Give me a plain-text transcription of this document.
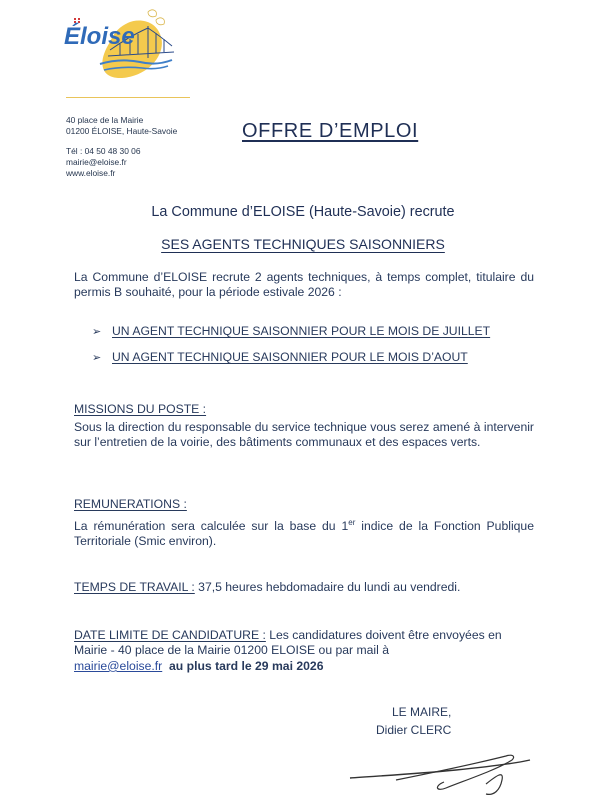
Éloise
40 place de la Mairie
01200 ÉLOISE, Haute-Savoie
Tél : 04 50 48 30 06
mairie@eloise.fr
www.eloise.fr
OFFRE D’EMPLOI
La Commune d’ELOISE (Haute-Savoie) recrute
SES AGENTS TECHNIQUES SAISONNIERS
La Commune d’ELOISE recrute 2 agents techniques, à temps complet, titulaire du permis B souhaité, pour la période estivale 2026 :
➢ UN AGENT TECHNIQUE SAISONNIER POUR LE MOIS DE JUILLET
➢ UN AGENT TECHNIQUE SAISONNIER POUR LE MOIS D’AOUT
MISSIONS DU POSTE :
Sous la direction du responsable du service technique vous serez amené à intervenir sur l’entretien de la voirie, des bâtiments communaux et des espaces verts.
REMUNERATIONS :
La rémunération sera calculée sur la base du 1er indice de la Fonction Publique Territoriale (Smic environ).
TEMPS DE TRAVAIL : 37,5 heures hebdomadaire du lundi au vendredi.
DATE LIMITE DE CANDIDATURE : Les candidatures doivent être envoyées en Mairie - 40 place de la Mairie 01200 ELOISE ou par mail à
mairie@eloise.fr au plus tard le 29 mai 2026
LE MAIRE,
Didier CLERC
